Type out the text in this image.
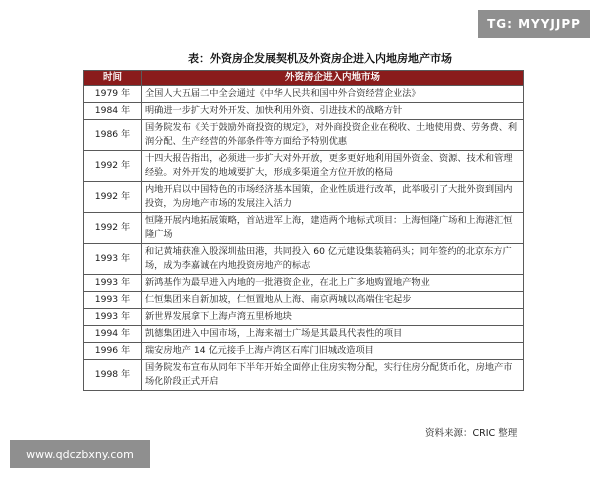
TG: MYYJJPP
表：外资房企发展契机及外资房企进入内地房地产市场
时间	外资房企进入内地市场
1979 年	全国人大五届二中全会通过《中华人民共和国中外合资经营企业法》
1984 年	明确进一步扩大对外开发、加快利用外资、引进技术的战略方针
1986 年	国务院发布《关于鼓励外商投资的规定》，对外商投资企业在税收、土地使用费、劳务费、利润分配、生产经营的外部条件等方面给予特别优惠
1992 年	十四大报告指出，必须进一步扩大对外开放，更多更好地利用国外资金、资源、技术和管理经验。对外开发的地域要扩大，形成多渠道全方位开放的格局
1992 年	内地开启以中国特色的市场经济基本国策，企业性质进行改革，此举吸引了大批外资到国内投资，为房地产市场的发展注入活力
1992 年	恒隆开展内地拓展策略，首站进军上海，建造两个地标式项目：上海恒隆广场和上海港汇恒隆广场
1993 年	和记黄埔获准入股深圳盐田港，共同投入 60 亿元建设集装箱码头；同年签约的北京东方广场，成为李嘉诚在内地投资房地产的标志
1993 年	新鸿基作为最早进入内地的一批港资企业，在北上广多地购置地产物业
1993 年	仁恒集团来自新加坡，仁恒置地从上海、南京两城以高端住宅起步
1993 年	新世界发展拿下上海卢湾五里桥地块
1994 年	凯德集团进入中国市场，上海来福士广场是其最具代表性的项目
1996 年	瑞安房地产 14 亿元接手上海卢湾区石库门旧城改造项目
1998 年	国务院发布宣布从同年下半年开始全面停止住房实物分配，实行住房分配货币化，房地产市场化阶段正式开启
资料来源：CRIC 整理
www.qdczbxny.com
